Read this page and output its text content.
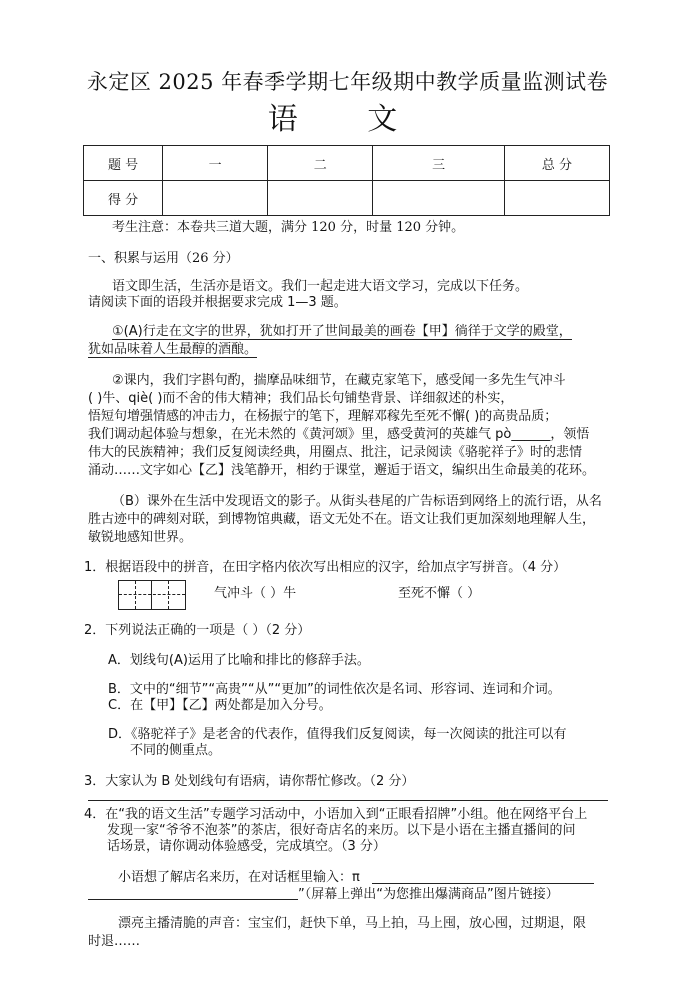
永定区 2025 年春季学期七年级期中教学质量监测试卷
语 文
题 号	一	二	三	总 分
得 分				
考生注意：本卷共三道大题，满分 120 分，时量 120 分钟。
一、积累与运用（26 分）
语文即生活，生活亦是语文。我们一起走进大语文学习，完成以下任务。
请阅读下面的语段并根据要求完成 1—3 题。
①(A)行走在文字的世界，犹如打开了世间最美的画卷【甲】徜徉于文学的殿堂，
犹如品味着人生最醇的酒酿。
②课内，我们字斟句酌，揣摩品味细节，在藏克家笔下，感受闻一多先生气冲斗
( )牛、qiè( )而不舍的伟大精神；我们品长句铺垫背景、详细叙述的朴实，
悟短句增强情感的冲击力，在杨振宁的笔下，理解邓稼先至死不懈( )的高贵品质；
我们调动起体验与想象，在光未然的《黄河颂》里，感受黄河的英雄气 pò______，领悟
伟大的民族精神；我们反复阅读经典，用圈点、批注，记录阅读《骆驼祥子》时的悲情
涌动……文字如心【乙】浅笔静开，相约于课堂，邂逅于语文，编织出生命最美的花环。
（B）课外在生活中发现语文的影子。从街头巷尾的广告标语到网络上的流行语，从名
胜古迹中的碑刻对联，到博物馆典藏，语文无处不在。语文让我们更加深刻地理解人生，
敏锐地感知世界。
1．根据语段中的拼音，在田字格内依次写出相应的汉字，给加点字写拼音。（4 分）
气冲斗（ ）牛	至死不懈（ ）
2．下列说法正确的一项是（ ）（2 分）
A．划线句(A)运用了比喻和排比的修辞手法。
B．文中的“细节”“高贵”“从”“更加”的词性依次是名词、形容词、连词和介词。
C．在【甲】【乙】两处都是加入分号。
D．《骆驼祥子》是老舍的代表作，值得我们反复阅读，每一次阅读的批注可以有
不同的侧重点。
3．大家认为 B 处划线句有语病，请你帮忙修改。（2 分）
4．在“我的语文生活”专题学习活动中，小语加入到“正眼看招牌”小组。他在网络平台上
发现一家“爷爷不泡茶”的茶店，很好奇店名的来历。以下是小语在主播直播间的问
话场景，请你调动体验感受，完成填空。（3 分）
小语想了解店名来历，在对话框里输入：π
”（屏幕上弹出“为您推出爆满商品”图片链接）
漂亮主播清脆的声音：宝宝们，赶快下单，马上拍，马上囤，放心囤，过期退，限
时退……
